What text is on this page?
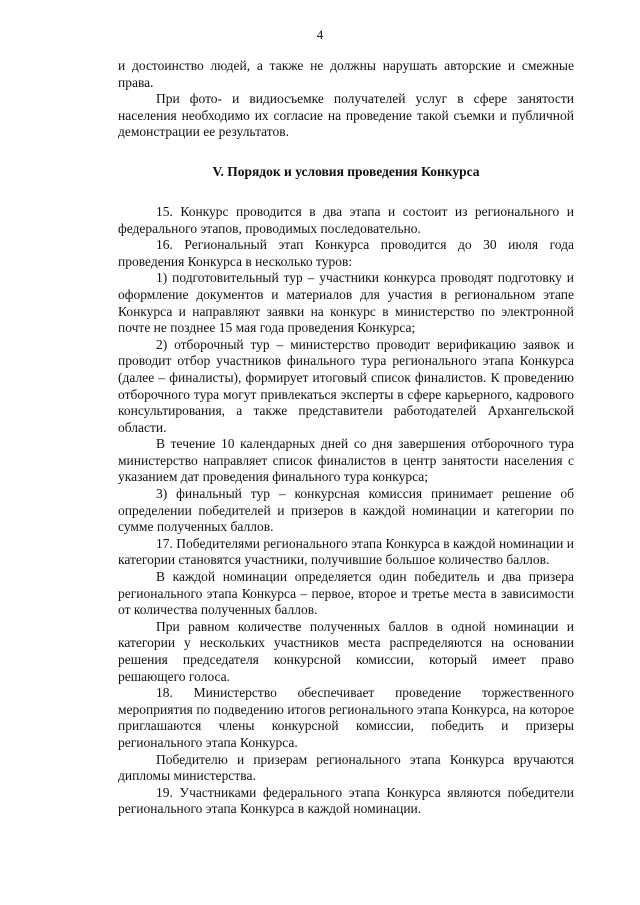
4

и достоинство людей, а также не должны нарушать авторские и смежные права.

При фото- и видиосъемке получателей услуг в сфере занятости населения необходимо их согласие на проведение такой съемки и публичной демонстрации ее результатов.

V. Порядок и условия проведения Конкурса

15. Конкурс проводится в два этапа и состоит из регионального и федерального этапов, проводимых последовательно.

16. Региональный этап Конкурса проводится до 30 июля года проведения Конкурса в несколько туров:

1) подготовительный тур – участники конкурса проводят подготовку и оформление документов и материалов для участия в региональном этапе Конкурса и направляют заявки на конкурс в министерство по электронной почте не позднее 15 мая года проведения Конкурса;

2) отборочный тур – министерство проводит верификацию заявок и проводит отбор участников финального тура регионального этапа Конкурса (далее – финалисты), формирует итоговый список финалистов. К проведению отборочного тура могут привлекаться эксперты в сфере карьерного, кадрового консультирования, а также представители работодателей Архангельской области.

В течение 10 календарных дней со дня завершения отборочного тура министерство направляет список финалистов в центр занятости населения с указанием дат проведения финального тура конкурса;

3) финальный тур – конкурсная комиссия принимает решение об определении победителей и призеров в каждой номинации и категории по сумме полученных баллов.

17. Победителями регионального этапа Конкурса в каждой номинации и категории становятся участники, получившие большое количество баллов.

В каждой номинации определяется один победитель и два призера регионального этапа Конкурса – первое, второе и третье места в зависимости от количества полученных баллов.

При равном количестве полученных баллов в одной номинации и категории у нескольких участников места распределяются на основании решения председателя конкурсной комиссии, который имеет право решающего голоса.

18. Министерство обеспечивает проведение торжественного мероприятия по подведению итогов регионального этапа Конкурса, на которое приглашаются члены конкурсной комиссии, победить и призеры регионального этапа Конкурса.

Победителю и призерам регионального этапа Конкурса вручаются дипломы министерства.

19. Участниками федерального этапа Конкурса являются победители регионального этапа Конкурса в каждой номинации.
